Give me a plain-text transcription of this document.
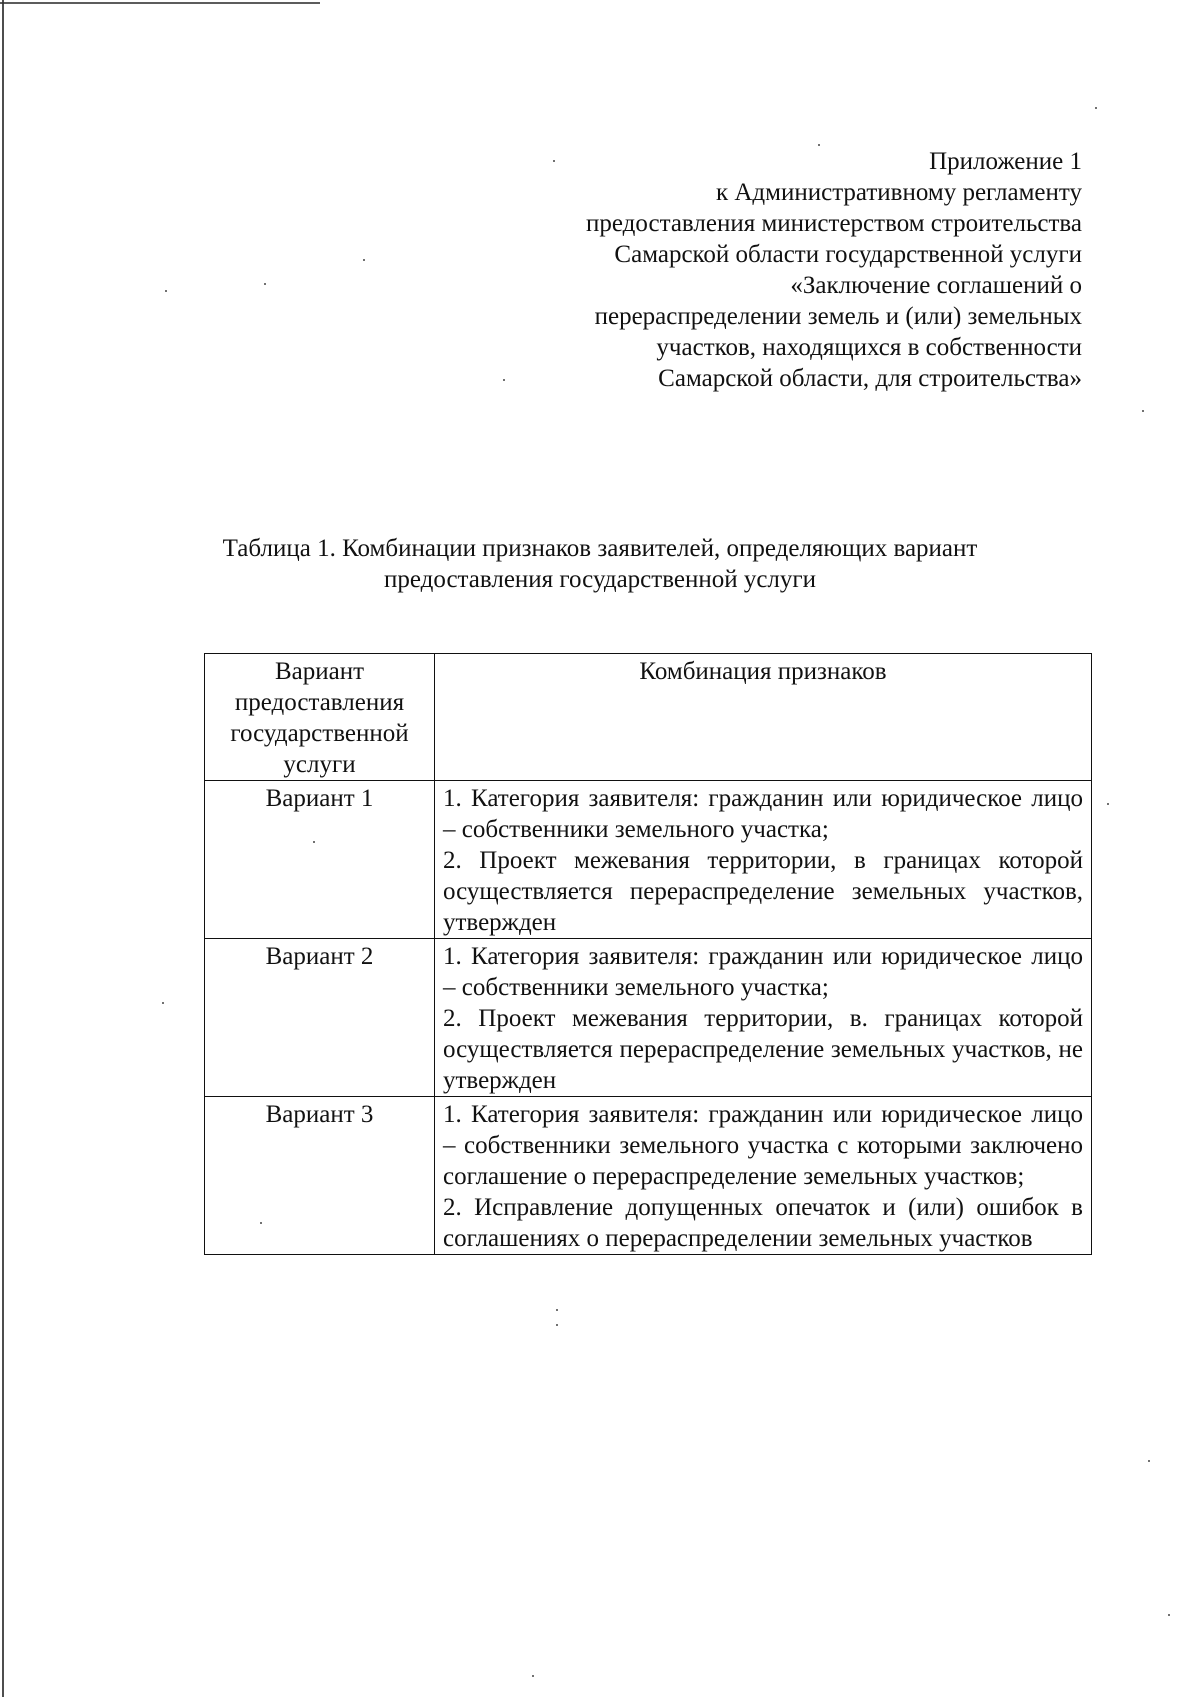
Приложение 1
к Административному регламенту
предоставления министерством строительства
Самарской области государственной услуги
«Заключение соглашений о
перераспределении земель и (или) земельных
участков, находящихся в собственности
Самарской области, для строительства»
Таблица 1. Комбинации признаков заявителей, определяющих вариант
предоставления государственной услуги
Вариант предоставления государственной услуги	Комбинация признаков
Вариант 1	1. Категория заявителя: гражданин или юридическое лицо – собственники земельного участка;

2. Проект межевания территории, в границах которой осуществляется перераспределение земельных участков, утвержден

Вариант 2	1. Категория заявителя: гражданин или юридическое лицо – собственники земельного участка;

2. Проект межевания территории, в. границах которой осуществляется перераспределение земельных участков, не утвержден

Вариант 3	1. Категория заявителя: гражданин или юридическое лицо – собственники земельного участка с которыми заключено соглашение о перераспределение земельных участков;

2. Исправление допущенных опечаток и (или) ошибок в соглашениях о перераспределении земельных участков
